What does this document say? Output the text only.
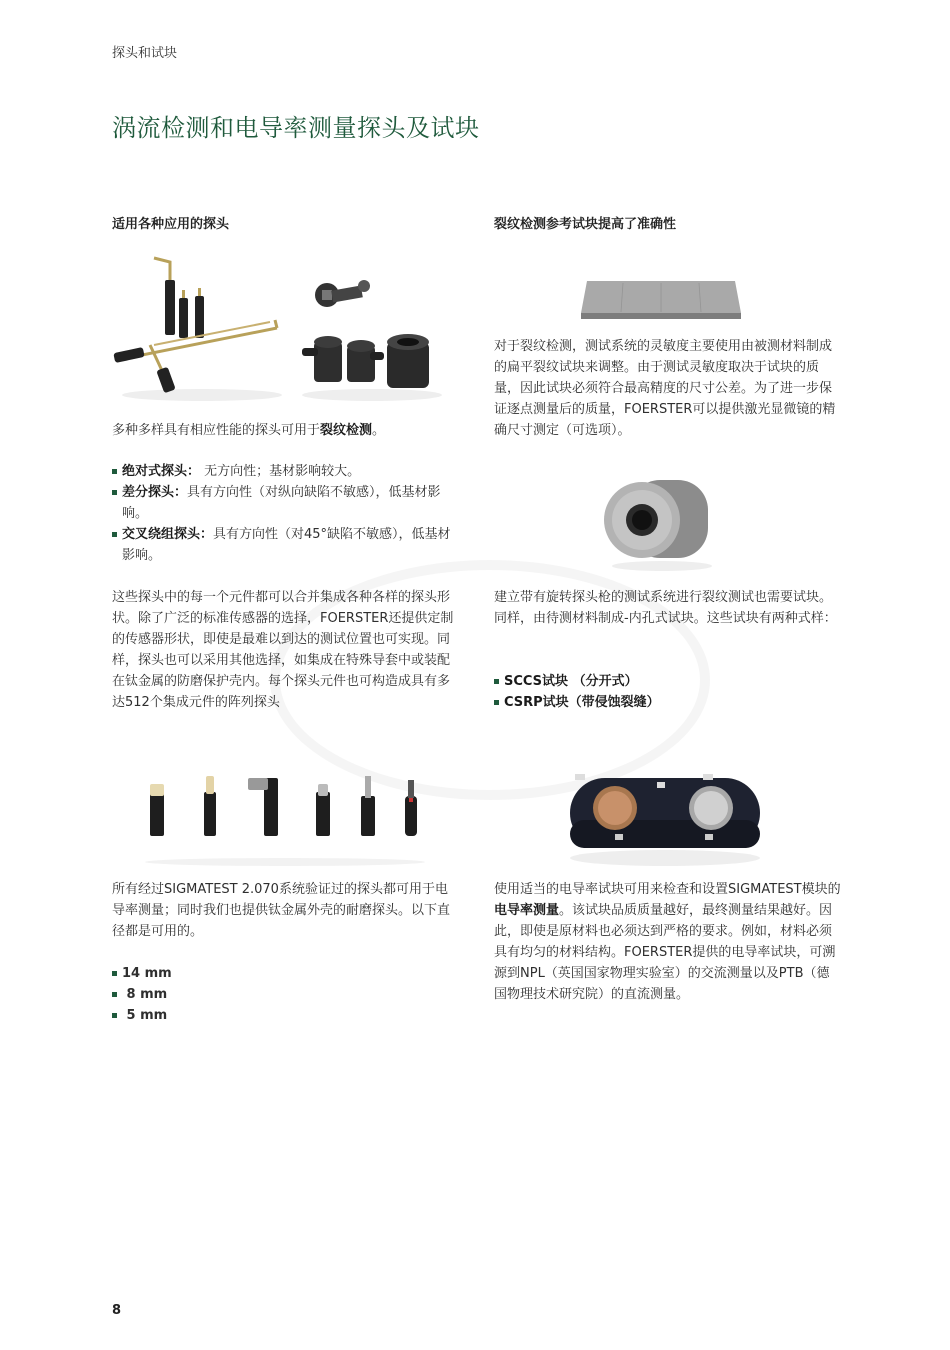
探头和试块
涡流检测和电导率测量探头及试块
适用各种应用的探头
多种多样具有相应性能的探头可用于裂纹检测。
绝对式探头： 无方向性；基材影响较大。
差分探头：具有方向性（对纵向缺陷不敏感），低基材影响。
交叉绕组探头：具有方向性（对45°缺陷不敏感），低基材影响。
这些探头中的每一个元件都可以合并集成各种各样的探头形状。除了广泛的标准传感器的选择，FOERSTER还提供定制的传感器形状，即使是最难以到达的测试位置也可实现。同样，探头也可以采用其他选择，如集成在特殊导套中或装配在钛金属的防磨保护壳内。每个探头元件也可构造成具有多达512个集成元件的阵列探头
所有经过SIGMATEST 2.070系统验证过的探头都可用于电导率测量；同时我们也提供钛金属外壳的耐磨探头。以下直径都是可用的。
14 mm
8 mm
5 mm
裂纹检测参考试块提高了准确性
对于裂纹检测，测试系统的灵敏度主要使用由被测材料制成的扁平裂纹试块来调整。由于测试灵敏度取决于试块的质量，因此试块必须符合最高精度的尺寸公差。为了进一步保证逐点测量后的质量，FOERSTER可以提供激光显微镜的精确尺寸测定（可选项）。
建立带有旋转探头枪的测试系统进行裂纹测试也需要试块。同样，由待测材料制成-内孔式试块。这些试块有两种式样：
SCCS试块 （分开式）
CSRP试块（带侵蚀裂缝）
使用适当的电导率试块可用来检查和设置SIGMATEST模块的电导率测量。该试块品质质量越好，最终测量结果越好。因此，即使是原材料也必须达到严格的要求。例如，材料必须具有均匀的材料结构。FOERSTER提供的电导率试块，可溯源到NPL（英国国家物理实验室）的交流测量以及PTB（德国物理技术研究院）的直流测量。
8
